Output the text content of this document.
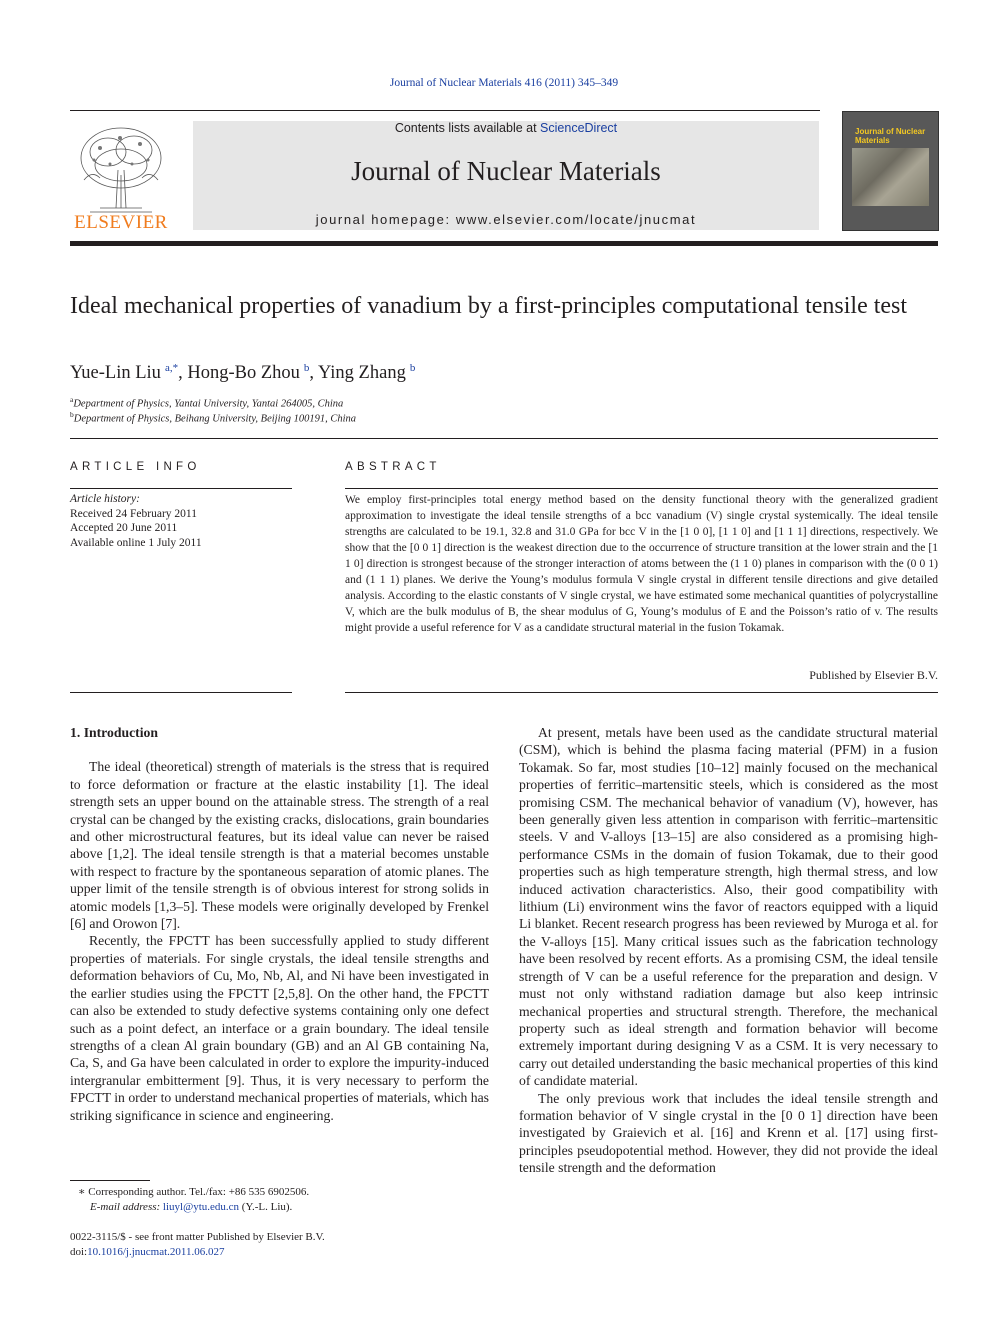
Journal of Nuclear Materials 416 (2011) 345–349
ELSEVIER
Contents lists available at ScienceDirect
Journal of Nuclear Materials
journal homepage: www.elsevier.com/locate/jnucmat
Journal of Nuclear Materials
Ideal mechanical properties of vanadium by a first-principles computational tensile test
Yue-Lin Liu $^{a,*}$, Hong-Bo Zhou $^b$, Ying Zhang $^b$
$^a$Department of Physics, Yantai University, Yantai 264005, China
$^b$Department of Physics, Beihang University, Beijing 100191, China
ARTICLE INFO
Article history:
Received 24 February 2011
Accepted 20 June 2011
Available online 1 July 2011
ABSTRACT
We employ first-principles total energy method based on the density functional theory with the generalized gradient approximation to investigate the ideal tensile strengths of a bcc vanadium (V) single crystal systemically. The ideal tensile strengths are calculated to be 19.1, 32.8 and 31.0 GPa for bcc V in the [1 0 0], [1 1 0] and [1 1 1] directions, respectively. We show that the [0 0 1] direction is the weakest direction due to the occurrence of structure transition at the lower strain and the [1 1 0] direction is strongest because of the stronger interaction of atoms between the (1 1 0) planes in comparison with the (0 0 1) and (1 1 1) planes. We derive the Young’s modulus formula V single crystal in different tensile directions and give detailed analysis. According to the elastic constants of V single crystal, we have estimated some mechanical quantities of polycrystalline V, which are the bulk modulus of B, the shear modulus of G, Young’s modulus of E and the Poisson’s ratio of v. The results might provide a useful reference for V as a candidate structural material in the fusion Tokamak.
Published by Elsevier B.V.
1. Introduction

The ideal (theoretical) strength of materials is the stress that is required to force deformation or fracture at the elastic instability [1]. The ideal strength sets an upper bound on the attainable stress. The strength of a real crystal can be changed by the existing cracks, dislocations, grain boundaries and other microstructural features, but its ideal value can never be raised above [1,2]. The ideal tensile strength is that a material becomes unstable with respect to fracture by the spontaneous separation of atomic planes. The upper limit of the tensile strength is of obvious interest for strong solids in atomic models [1,3–5]. These models were originally developed by Frenkel [6] and Orowon [7].

Recently, the FPCTT has been successfully applied to study different properties of materials. For single crystals, the ideal tensile strengths and deformation behaviors of Cu, Mo, Nb, Al, and Ni have been investigated in the earlier studies using the FPCTT [2,5,8]. On the other hand, the FPCTT can also be extended to study defective systems containing only one defect such as a point defect, an interface or a grain boundary. The ideal tensile strengths of a clean Al grain boundary (GB) and an Al GB containing Na, Ca, S, and Ga have been calculated in order to explore the impurity-induced intergranular embitterment [9]. Thus, it is very necessary to perform the FPCTT in order to understand mechanical properties of materials, which has striking significance in science and engineering.

At present, metals have been used as the candidate structural material (CSM), which is behind the plasma facing material (PFM) in a fusion Tokamak. So far, most studies [10–12] mainly focused on the mechanical properties of ferritic–martensitic steels, which is considered as the most promising CSM. The mechanical behavior of vanadium (V), however, has been generally given less attention in comparison with ferritic–martensitic steels. V and V-alloys [13–15] are also considered as a promising high-performance CSMs in the domain of fusion Tokamak, due to their good properties such as high temperature strength, high thermal stress, and low induced activation characteristics. Also, their good compatibility with lithium (Li) environment wins the favor of reactors equipped with a liquid Li blanket. Recent research progress has been reviewed by Muroga et al. for the V-alloys [15]. Many critical issues such as the fabrication technology have been resolved by recent efforts. As a promising CSM, the ideal tensile strength of V can be a useful reference for the preparation and design. V must not only withstand radiation damage but also keep intrinsic mechanical properties and structural strength. Therefore, the mechanical property such as ideal strength and formation behavior will become extremely important during designing V as a CSM. It is very necessary to carry out detailed understanding the basic mechanical properties of this kind of candidate material.

The only previous work that includes the ideal tensile strength and formation behavior of V single crystal in the [0 0 1] direction have been investigated by Graievich et al. [16] and Krenn et al. [17] using first-principles pseudopotential method. However, they did not provide the ideal tensile strength and the deformation

∗ Corresponding author. Tel./fax: +86 535 6902506.
E-mail address: liuyl@ytu.edu.cn (Y.-L. Liu).
0022-3115/$ - see front matter Published by Elsevier B.V.
doi:10.1016/j.jnucmat.2011.06.027
